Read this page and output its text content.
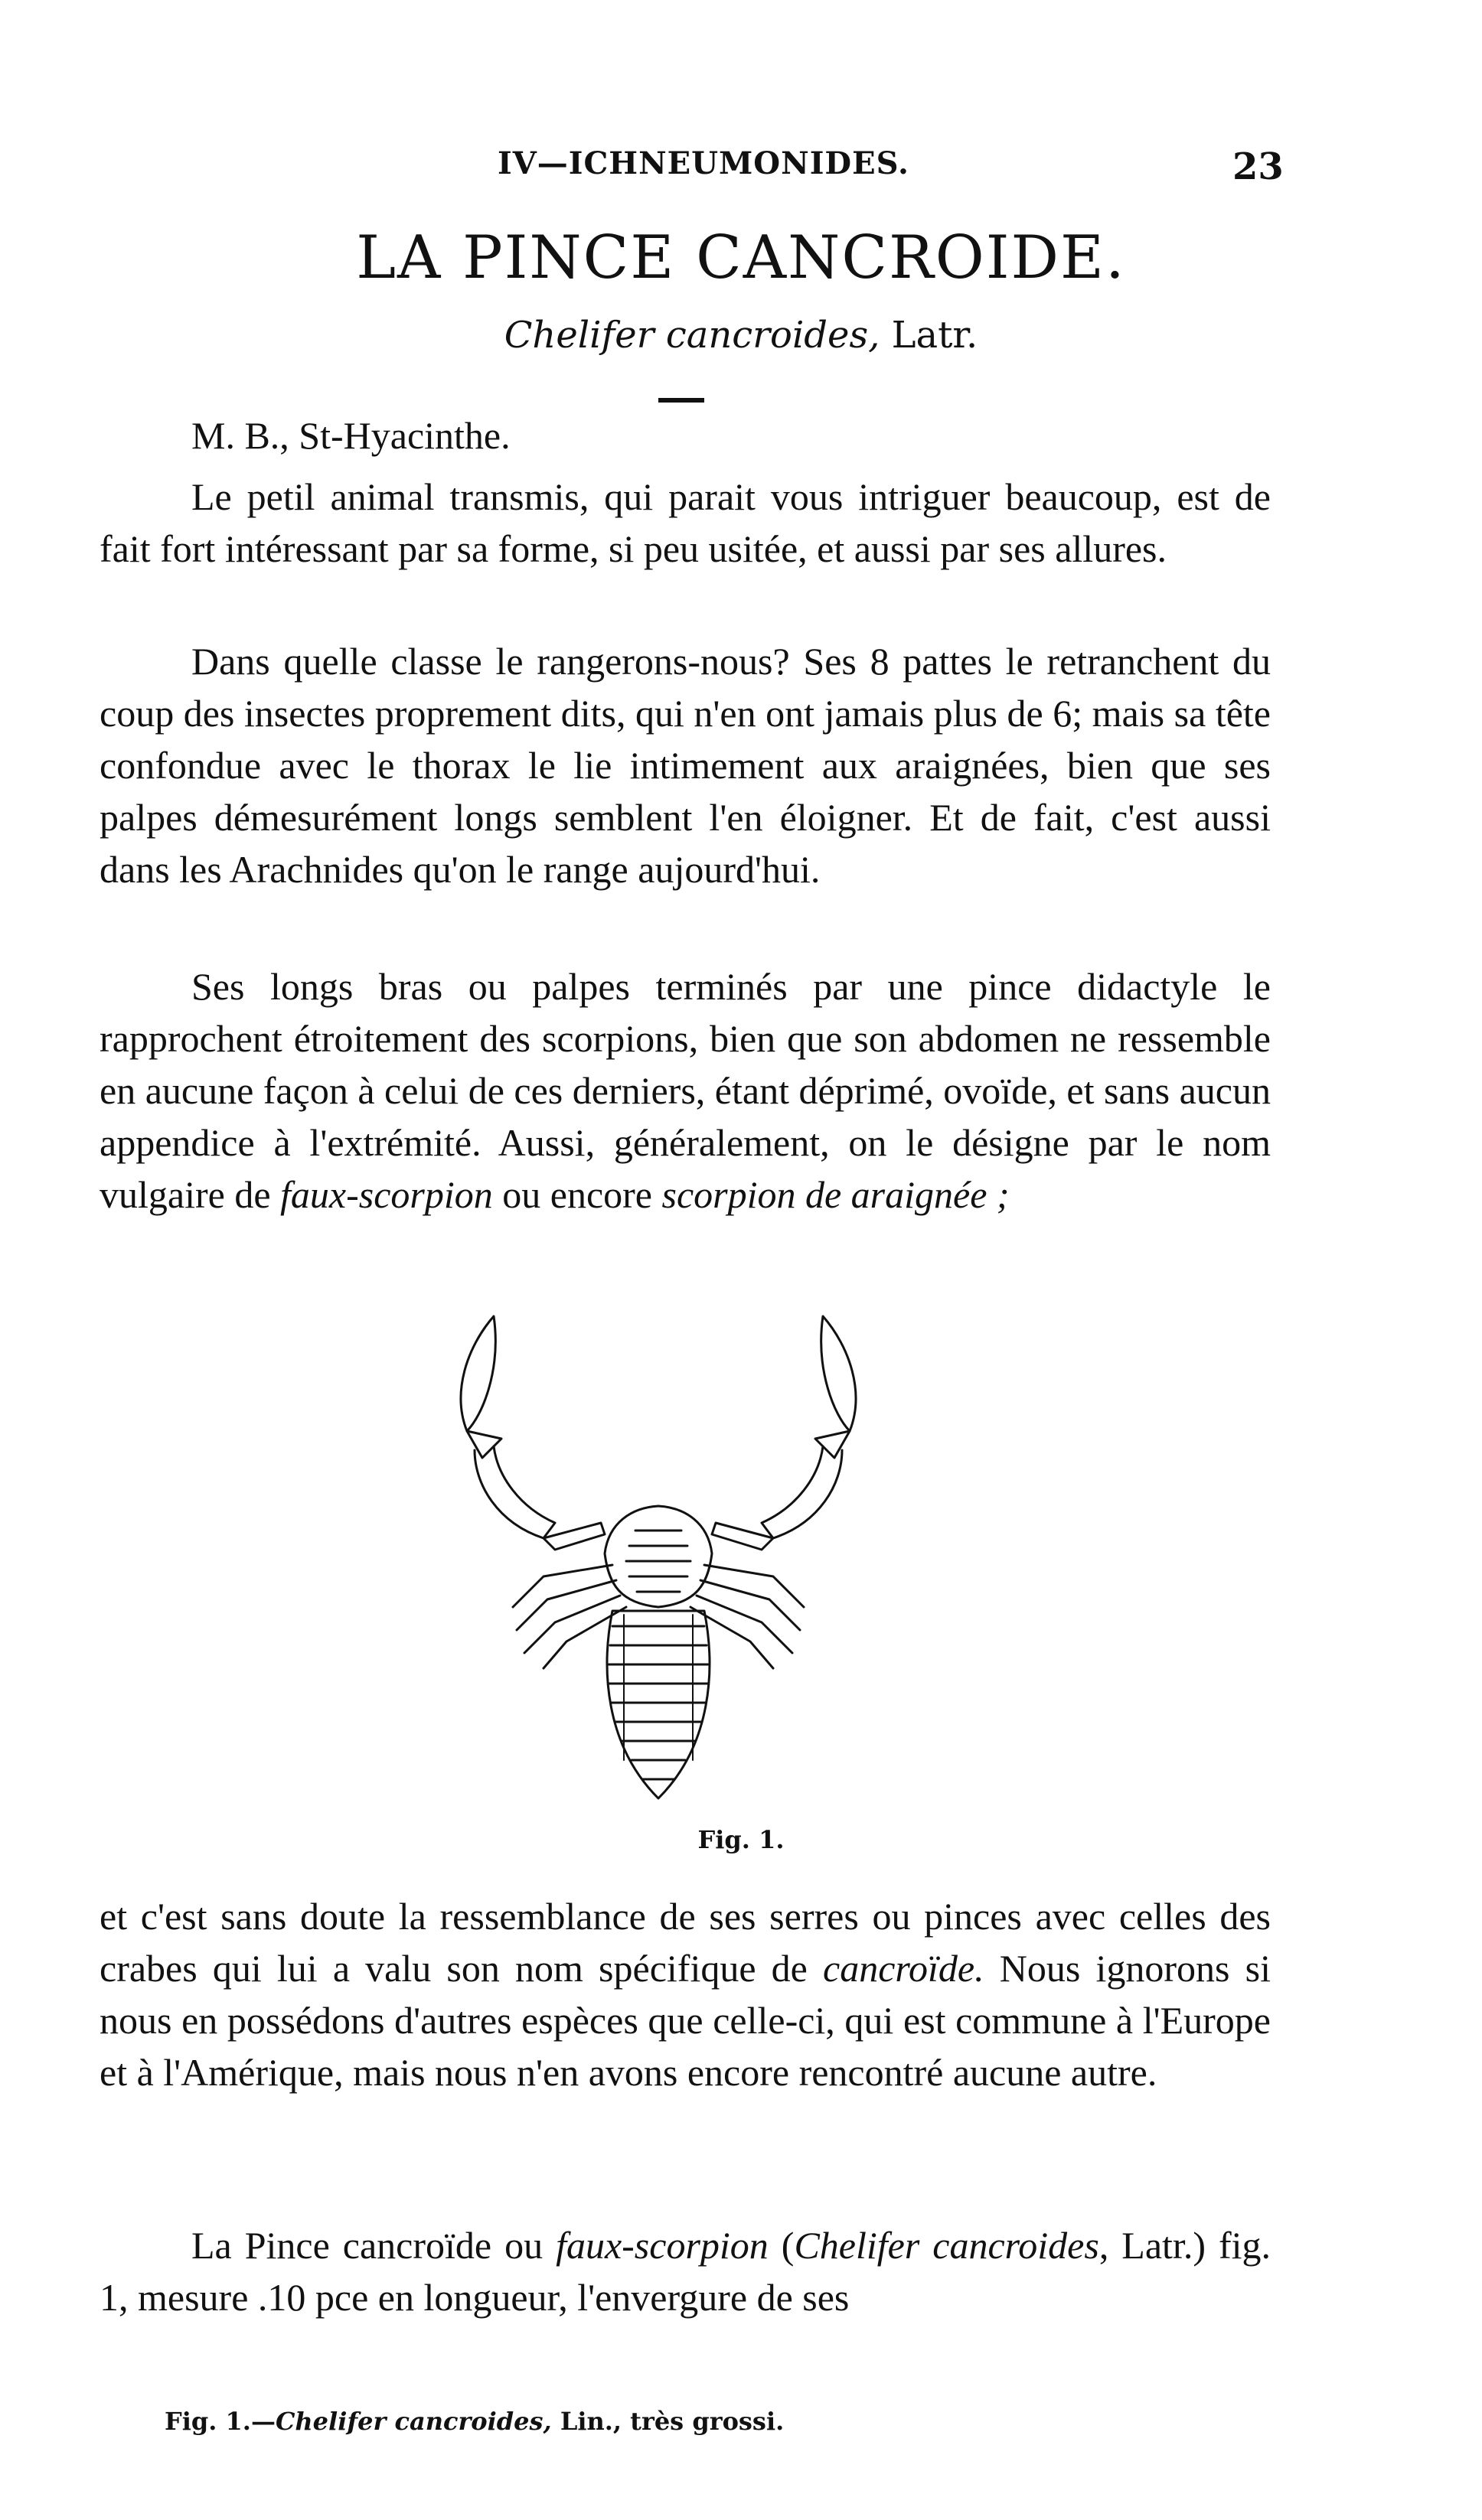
IV—ICHNEUMONIDES.	23
LA PINCE CANCROIDE.
Chelifer cancroides, Latr.

M. B., St-Hyacinthe.

Le petil animal transmis, qui parait vous intriguer beaucoup, est de fait fort intéressant par sa forme, si peu usitée, et aussi par ses allures.

Dans quelle classe le rangerons-nous? Ses 8 pattes le retranchent du coup des insectes proprement dits, qui n'en ont jamais plus de 6; mais sa tête confondue avec le thorax le lie intimement aux araignées, bien que ses palpes démesurément longs semblent l'en éloigner. Et de fait, c'est aussi dans les Arachnides qu'on le range aujourd'hui.

Ses longs bras ou palpes terminés par une pince didactyle le rapprochent étroitement des scorpions, bien que son abdomen ne ressemble en aucune façon à celui de ces derniers, étant déprimé, ovoïde, et sans aucun appendice à l'extrémité. Aussi, généralement, on le désigne par le nom vulgaire de faux-scorpion ou encore scorpion de araignée ;

Fig. 1.

et c'est sans doute la ressemblance de ses serres ou pinces avec celles des crabes qui lui a valu son nom spécifique de cancroïde. Nous ignorons si nous en possédons d'autres espèces que celle-ci, qui est commune à l'Europe et à l'Amérique, mais nous n'en avons encore rencontré aucune autre.

La Pince cancroïde ou faux-scorpion (Chelifer cancroides, Latr.) fig. 1, mesure .10 pce en longueur, l'envergure de ses

Fig. 1.—Chelifer cancroides, Lin., très grossi.
